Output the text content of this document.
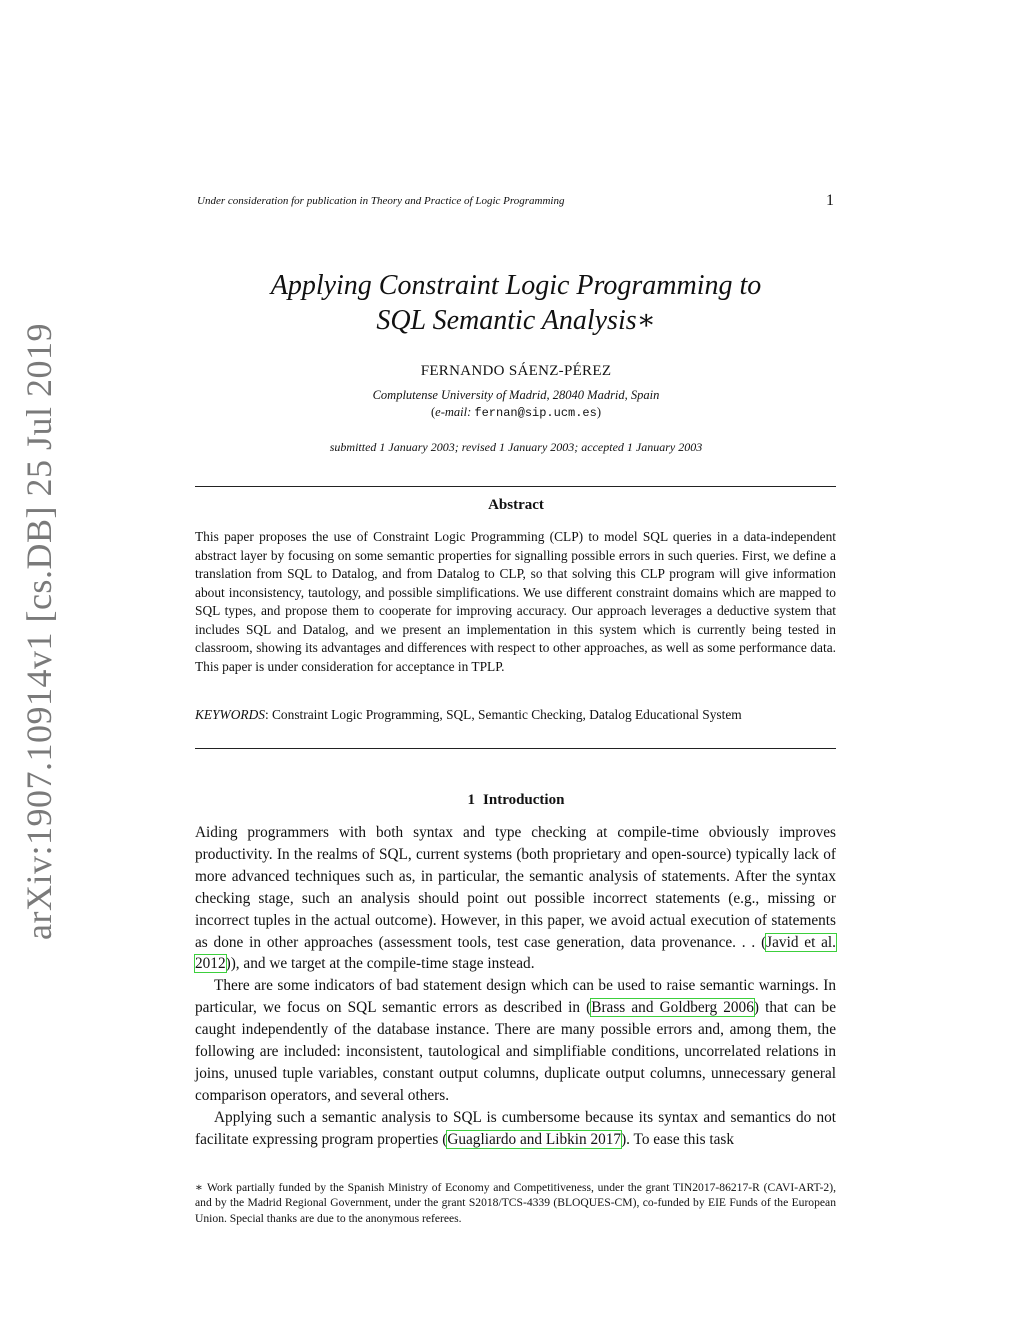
Under consideration for publication in Theory and Practice of Logic Programming	1
arXiv:1907.10914v1 [cs.DB] 25 Jul 2019
Applying Constraint Logic Programming to
SQL Semantic Analysis∗
FERNANDO SÁENZ-PÉREZ
Complutense University of Madrid, 28040 Madrid, Spain
(e-mail: fernan@sip.ucm.es)
submitted 1 January 2003; revised 1 January 2003; accepted 1 January 2003
Abstract
This paper proposes the use of Constraint Logic Programming (CLP) to model SQL queries in a data-independent abstract layer by focusing on some semantic properties for signalling possible errors in such queries. First, we define a translation from SQL to Datalog, and from Datalog to CLP, so that solving this CLP program will give information about inconsistency, tautology, and possible simplifications. We use different constraint domains which are mapped to SQL types, and propose them to cooperate for improving accuracy. Our approach leverages a deductive system that includes SQL and Datalog, and we present an implementation in this system which is currently being tested in classroom, showing its advantages and differences with respect to other approaches, as well as some performance data. This paper is under consideration for acceptance in TPLP.
KEYWORDS: Constraint Logic Programming, SQL, Semantic Checking, Datalog Educational System
1 Introduction

Aiding programmers with both syntax and type checking at compile-time obviously improves productivity. In the realms of SQL, current systems (both proprietary and open-source) typically lack of more advanced techniques such as, in particular, the semantic analysis of statements. After the syntax checking stage, such an analysis should point out possible incorrect statements (e.g., missing or incorrect tuples in the actual outcome). However, in this paper, we avoid actual execution of statements as done in other approaches (assessment tools, test case generation, data provenance. . . (Javid et al. 2012)), and we target at the compile-time stage instead.

There are some indicators of bad statement design which can be used to raise semantic warnings. In particular, we focus on SQL semantic errors as described in (Brass and Goldberg 2006) that can be caught independently of the database instance. There are many possible errors and, among them, the following are included: inconsistent, tautological and simplifiable conditions, uncorrelated relations in joins, unused tuple variables, constant output columns, duplicate output columns, unnecessary general comparison operators, and several others.

Applying such a semantic analysis to SQL is cumbersome because its syntax and semantics do not facilitate expressing program properties (Guagliardo and Libkin 2017). To ease this task

∗ Work partially funded by the Spanish Ministry of Economy and Competitiveness, under the grant TIN2017-86217-R (CAVI-ART-2), and by the Madrid Regional Government, under the grant S2018/TCS-4339 (BLOQUES-CM), co-funded by EIE Funds of the European Union. Special thanks are due to the anonymous referees.
